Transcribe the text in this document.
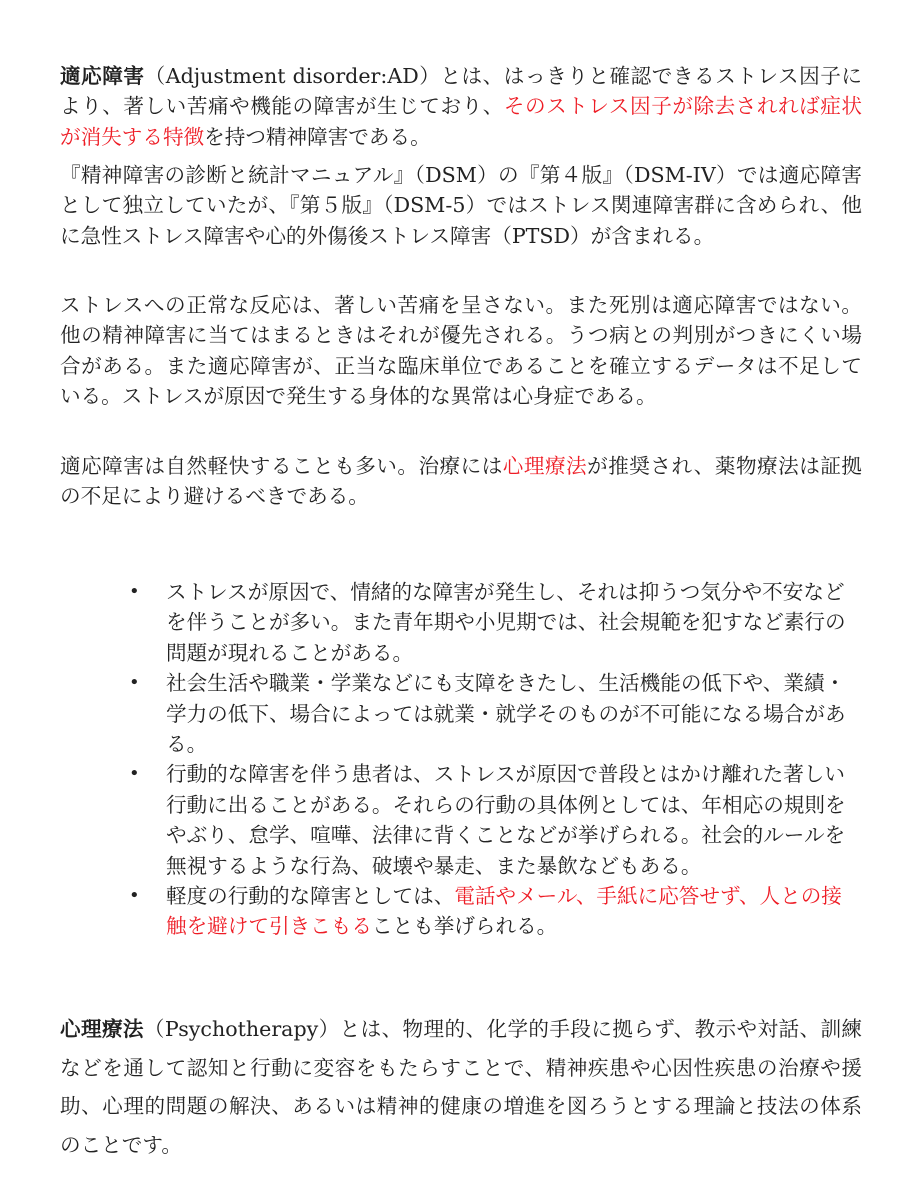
適応障害（Adjustment disorder:AD）とは、はっきりと確認できるストレス因子により、著しい苦痛や機能の障害が生じており、そのストレス因子が除去されれば症状が消失する特徴を持つ精神障害である。

『精神障害の診断と統計マニュアル』（DSM）の『第４版』（DSM-IV）では適応障害として独立していたが、『第５版』（DSM-5）ではストレス関連障害群に含められ、他に急性ストレス障害や心的外傷後ストレス障害（PTSD）が含まれる。

ストレスへの正常な反応は、著しい苦痛を呈さない。また死別は適応障害ではない。他の精神障害に当てはまるときはそれが優先される。うつ病との判別がつきにくい場合がある。また適応障害が、正当な臨床単位であることを確立するデータは不足している。ストレスが原因で発生する身体的な異常は心身症である。

適応障害は自然軽快することも多い。治療には心理療法が推奨され、薬物療法は証拠の不足により避けるべきである。

• ストレスが原因で、情緒的な障害が発生し、それは抑うつ気分や不安などを伴うことが多い。また青年期や小児期では、社会規範を犯すなど素行の問題が現れることがある。
• 社会生活や職業・学業などにも支障をきたし、生活機能の低下や、業績・学力の低下、場合によっては就業・就学そのものが不可能になる場合がある。
• 行動的な障害を伴う患者は、ストレスが原因で普段とはかけ離れた著しい行動に出ることがある。それらの行動の具体例としては、年相応の規則をやぶり、怠学、喧嘩、法律に背くことなどが挙げられる。社会的ルールを無視するような行為、破壊や暴走、また暴飲などもある。
• 軽度の行動的な障害としては、電話やメール、手紙に応答せず、人との接触を避けて引きこもることも挙げられる。

心理療法（Psychotherapy）とは、物理的、化学的手段に拠らず、教示や対話、訓練などを通して認知と行動に変容をもたらすことで、精神疾患や心因性疾患の治療や援助、心理的問題の解決、あるいは精神的健康の増進を図ろうとする理論と技法の体系のことです。
